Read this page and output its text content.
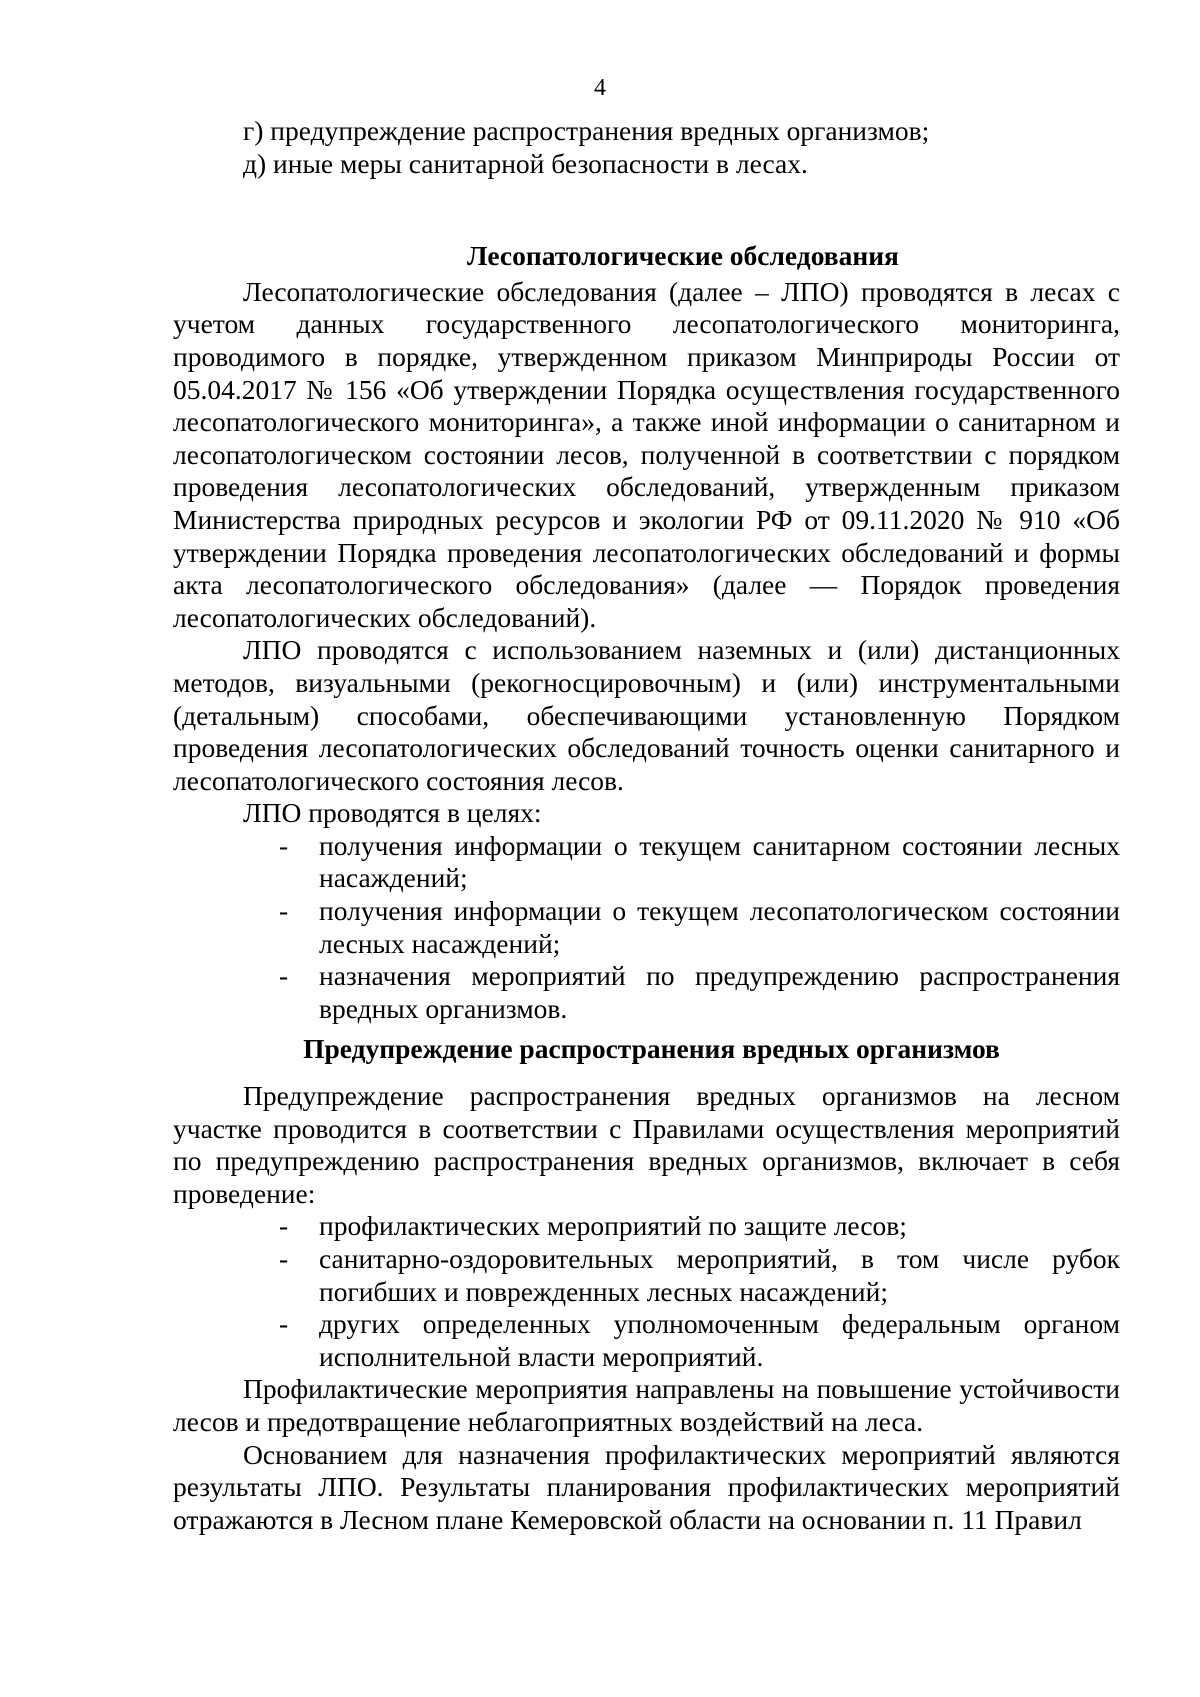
4

г) предупреждение распространения вредных организмов;

д) иные меры санитарной безопасности в лесах.

Лесопатологические обследования

Лесопатологические обследования (далее – ЛПО) проводятся в лесах с учетом данных государственного лесопатологического мониторинга, проводимого в порядке, утвержденном приказом Минприроды России от 05.04.2017 № 156 «Об утверждении Порядка осуществления государственного лесопатологического мониторинга», а также иной информации о санитарном и лесопатологическом состоянии лесов, полученной в соответствии с порядком проведения лесопатологических обследований, утвержденным приказом Министерства природных ресурсов и экологии РФ от 09.11.2020 № 910 «Об утверждении Порядка проведения лесопатологических обследований и формы акта лесопатологического обследования» (далее — Порядок проведения лесопатологических обследований).

ЛПО проводятся с использованием наземных и (или) дистанционных методов, визуальными (рекогносцировочным) и (или) инструментальными (детальным) способами, обеспечивающими установленную Порядком проведения лесопатологических обследований точность оценки санитарного и лесопатологического состояния лесов.

ЛПО проводятся в целях:

- получения информации о текущем санитарном состоянии лесных насаждений;
- получения информации о текущем лесопатологическом состоянии лесных насаждений;
- назначения мероприятий по предупреждению распространения вредных организмов.

Предупреждение распространения вредных организмов

Предупреждение распространения вредных организмов на лесном участке проводится в соответствии с Правилами осуществления мероприятий по предупреждению распространения вредных организмов, включает в себя проведение:

- профилактических мероприятий по защите лесов;
- санитарно-оздоровительных мероприятий, в том числе рубок погибших и поврежденных лесных насаждений;
- других определенных уполномоченным федеральным органом исполнительной власти мероприятий.

Профилактические мероприятия направлены на повышение устойчивости лесов и предотвращение неблагоприятных воздействий на леса.

Основанием для назначения профилактических мероприятий являются результаты ЛПО. Результаты планирования профилактических мероприятий отражаются в Лесном плане Кемеровской области на основании п. 11 Правил
